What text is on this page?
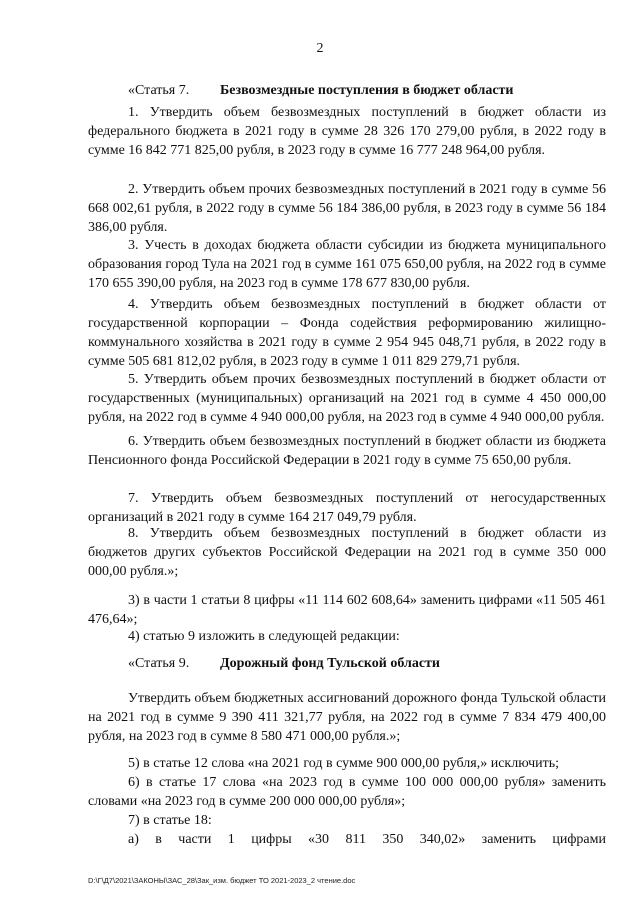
2
«Статья 7. Безвозмездные поступления в бюджет области

1. Утвердить объем безвозмездных поступлений в бюджет области из федерального бюджета в 2021 году в сумме 28 326 170 279,00 рубля, в 2022 году в сумме 16 842 771 825,00 рубля, в 2023 году в сумме 16 777 248 964,00 рубля.

2. Утвердить объем прочих безвозмездных поступлений в 2021 году в сумме 56 668 002,61 рубля, в 2022 году в сумме 56 184 386,00 рубля, в 2023 году в сумме 56 184 386,00 рубля.

3. Учесть в доходах бюджета области субсидии из бюджета муниципального образования город Тула на 2021 год в сумме 161 075 650,00 рубля, на 2022 год в сумме 170 655 390,00 рубля, на 2023 год в сумме 178 677 830,00 рубля.

4. Утвердить объем безвозмездных поступлений в бюджет области от государственной корпорации – Фонда содействия реформированию жилищно-коммунального хозяйства в 2021 году в сумме 2 954 945 048,71 рубля, в 2022 году в сумме 505 681 812,02 рубля, в 2023 году в сумме 1 011 829 279,71 рубля.

5. Утвердить объем прочих безвозмездных поступлений в бюджет области от государственных (муниципальных) организаций на 2021 год в сумме 4 450 000,00 рубля, на 2022 год в сумме 4 940 000,00 рубля, на 2023 год в сумме 4 940 000,00 рубля.

6. Утвердить объем безвозмездных поступлений в бюджет области из бюджета Пенсионного фонда Российской Федерации в 2021 году в сумме 75 650,00 рубля.

7. Утвердить объем безвозмездных поступлений от негосударственных организаций в 2021 году в сумме 164 217 049,79 рубля.

8. Утвердить объем безвозмездных поступлений в бюджет области из бюджетов других субъектов Российской Федерации на 2021 год в сумме 350 000 000,00 рубля.»;

3) в части 1 статьи 8 цифры «11 114 602 608,64» заменить цифрами «11 505 461 476,64»;

4) статью 9 изложить в следующей редакции:

«Статья 9. Дорожный фонд Тульской области

Утвердить объем бюджетных ассигнований дорожного фонда Тульской области на 2021 год в сумме 9 390 411 321,77 рубля, на 2022 год в сумме 7 834 479 400,00 рубля, на 2023 год в сумме 8 580 471 000,00 рубля.»;

5) в статье 12 слова «на 2021 год в сумме 900 000,00 рубля,» исключить;

6) в статье 17 слова «на 2023 год в сумме 100 000 000,00 рубля» заменить словами «на 2023 год в сумме 200 000 000,00 рубля»;

7) в статье 18:

а) в части 1 цифры «30 811 350 340,02» заменить цифрами

D:\Г\Д7\2021\ЗАКОНЫ\ЗАС_28\Зак_изм. бюджет ТО 2021-2023_2 чтение.doc
